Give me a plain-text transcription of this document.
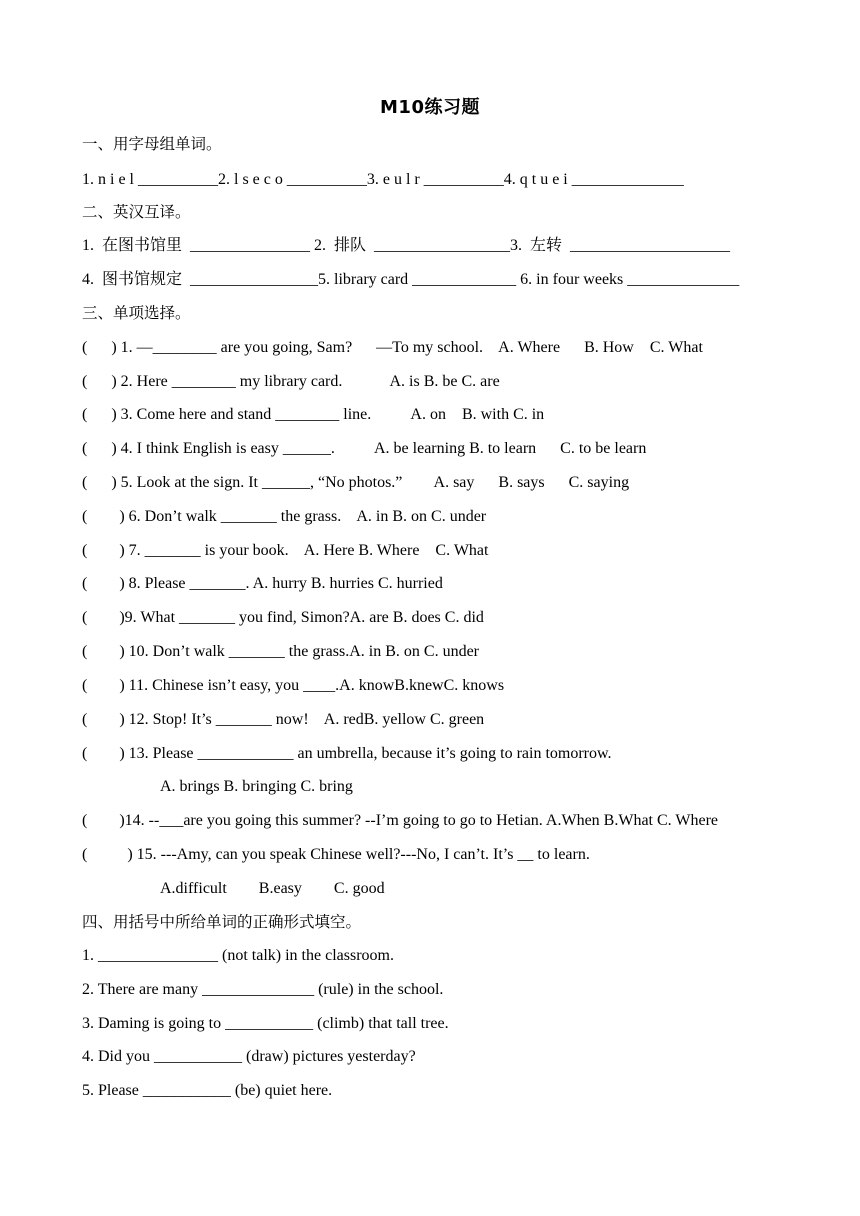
M10练习题
一、用字母组单词。
1. n i e l __________2. l s e c o __________3. e u l r __________4. q t u e i ______________
二、英汉互译。
1.  在图书馆里  _______________ 2.  排队  _________________3.  左转  ____________________
4.  图书馆规定  ________________5. library card _____________ 6. in four weeks ______________
三、单项选择。
(      ) 1. —________ are you going, Sam?      —To my school.    A. Where      B. How    C. What
(      ) 2. Here ________ my library card.            A. is B. be C. are
(      ) 3. Come here and stand ________ line.          A. on    B. with C. in
(      ) 4. I think English is easy ______.          A. be learning B. to learn      C. to be learn
(      ) 5. Look at the sign. It ______, “No photos.”        A. say      B. says      C. saying
(        ) 6. Don’t walk _______ the grass.    A. in B. on C. under
(        ) 7. _______ is your book.    A. Here B. Where    C. What
(        ) 8. Please _______. A. hurry B. hurries C. hurried
(        )9. What _______ you find, Simon?A. are B. does C. did
(        ) 10. Don’t walk _______ the grass.A. in B. on C. under
(        ) 11. Chinese isn’t easy, you ____.A. knowB.knewC. knows
(        ) 12. Stop! It’s _______ now!    A. redB. yellow C. green
(        ) 13. Please ____________ an umbrella, because it’s going to rain tomorrow.
A. brings B. bringing C. bring
(        )14. --___are you going this summer? --I’m going to go to Hetian. A.When B.What C. Where
(          ) 15. ---Amy, can you speak Chinese well?---No, I can’t. It’s __ to learn.
A.difficult        B.easy        C. good
四、用括号中所给单词的正确形式填空。
1. _______________ (not talk) in the classroom.
2. There are many ______________ (rule) in the school.
3. Daming is going to ___________ (climb) that tall tree.
4. Did you ___________ (draw) pictures yesterday?
5. Please ___________ (be) quiet here.
